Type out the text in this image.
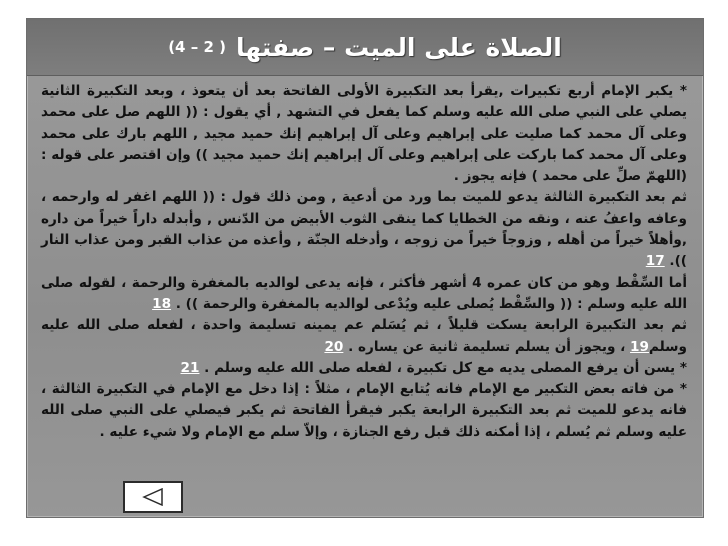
الصلاة على الميت – صفتها
( 2 – 4)

* يكبر الإمام أربع تكبيرات ,يقرأ بعد التكبيرة الأولى الفاتحة بعد أن يتعوذ ، وبعد التكبيرة الثانية يصلي على النبي صلى الله عليه وسلم كما يفعل في التشهد , أي يقول : (( اللهم صل على محمد وعلى آل محمد كما صليت على إبراهيم وعلى آل إبراهيم إنك حميد مجيد , اللهم بارك على محمد وعلى آل محمد كما باركت على إبراهيم وعلى آل إبراهيم إنك حميد مجيد )) وإن اقتصر على قوله : (اللهمّ صلِّ على محمد ) فإنه يجوز .

ثم بعد التكبيرة الثالثة يدعو للميت بما ورد من أدعية , ومن ذلك قول : (( اللهم اغفر له وارحمه ، وعافه واعفُ عنه ، ونقه من الخطايا كما ينقى الثوب الأبيض من الدّنس , وأبدله داراً خيراً من داره ,وأهلاً خيراً من أهله , وزوجاً خيراً من زوجه ، وأدخله الجنّة , وأعذه من عذاب القبر ومن عذاب النار )). 17

أما السِّقْط وهو من كان عمره 4 أشهر فأكثر ، فإنه يدعى لوالديه بالمغفرة والرحمة ، لقوله صلى الله عليه وسلم : (( والسِّقْط يُصلى عليه ويُدْعى لوالديه بالمغفرة والرحمة )) . 18

ثم بعد التكبيرة الرابعة يسكت قليلاً ، ثم يُسَلم عم يمينه تسليمة واحدة ، لفعله صلى الله عليه وسلم19 ، ويجوز أن يسلم تسليمة ثانية عن يساره . 20

* يسن أن يرفع المصلى يديه مع كل تكبيرة ، لفعله صلى الله عليه وسلم . 21

* من فاته بعض التكبير مع الإمام فانه يُتابع الإمام ، مثلاً : إذا دخل مع الإمام في التكبيرة الثالثة ، فانه يدعو للميت ثم بعد التكبيرة الرابعة يكبر فيقرأ الفاتحة ثم يكبر فيصلي على النبي صلى الله عليه وسلم ثم يُسلم ، إذا أمكنه ذلك قبل رفع الجنازة ، وإلاّ سلم مع الإمام ولا شيء عليه .
